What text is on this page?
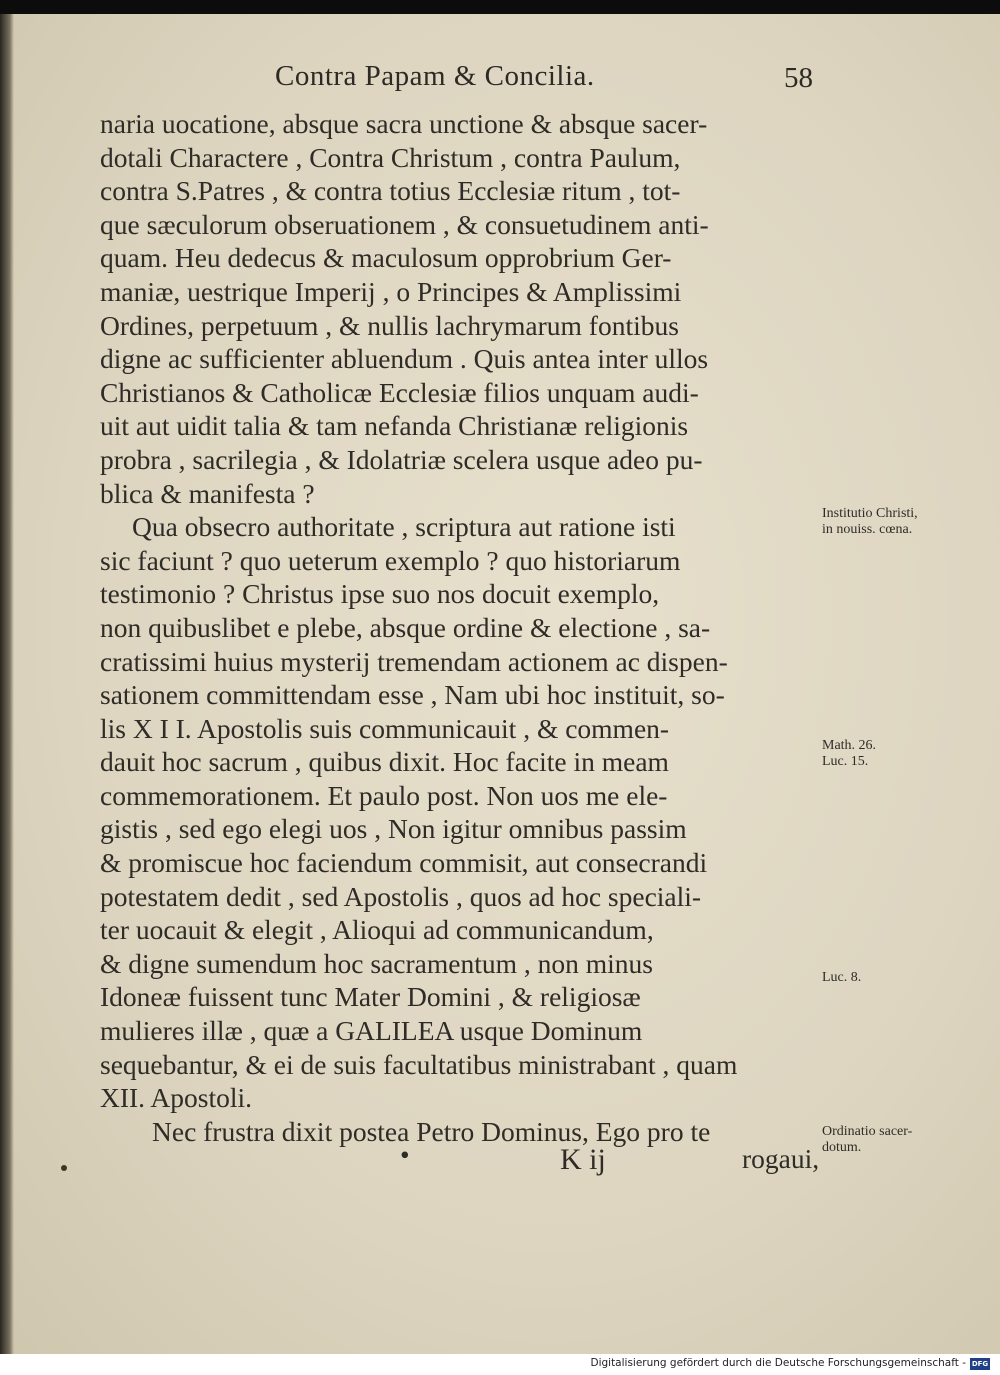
Contra Papam & Concilia.	58
naria uocatione, absque sacra unctione & absque sacer-
dotali Charactere , Contra Christum , contra Paulum,
contra S.Patres , & contra totius Ecclesiæ ritum , tot-
que sæculorum obseruationem , & consuetudinem anti-
quam. Heu dedecus & maculosum opprobrium Ger-
maniæ, uestrique Imperij , o Principes & Amplissimi
Ordines, perpetuum , & nullis lachrymarum fontibus
digne ac sufficienter abluendum . Quis antea inter ullos
Christianos & Catholicæ Ecclesiæ filios unquam audi-
uit aut uidit talia & tam nefanda Christianæ religionis
probra , sacrilegia , & Idolatriæ scelera usque adeo pu-
blica & manifesta ?
Qua obsecro authoritate , scriptura aut ratione isti
sic faciunt ? quo ueterum exemplo ? quo historiarum
testimonio ? Christus ipse suo nos docuit exemplo,
non quibuslibet e plebe, absque ordine & electione , sa-
cratissimi huius mysterij tremendam actionem ac dispen-
sationem committendam esse , Nam ubi hoc instituit, so-
lis X I I. Apostolis suis communicauit , & commen-
dauit hoc sacrum , quibus dixit. Hoc facite in meam
commemorationem. Et paulo post. Non uos me ele-
gistis , sed ego elegi uos , Non igitur omnibus passim
& promiscue hoc faciendum commisit, aut consecrandi
potestatem dedit , sed Apostolis , quos ad hoc speciali-
ter uocauit & elegit , Alioqui ad communicandum,
& digne sumendum hoc sacramentum , non minus
Idoneæ fuissent tunc Mater Domini , & religiosæ
mulieres illæ , quæ a GALILEA usque Dominum
sequebantur, & ei de suis facultatibus ministrabant , quam
XII. Apostoli.
Nec frustra dixit postea Petro Dominus, Ego pro te
•	K ij	rogaui,
Institutio Christi,
in nouiss. cœna.
Math. 26.
Luc. 15.
Luc. 8.
Ordinatio sacer-
dotum.
Digitalisierung gefördert durch die Deutsche Forschungsgemeinschaft - DFG
